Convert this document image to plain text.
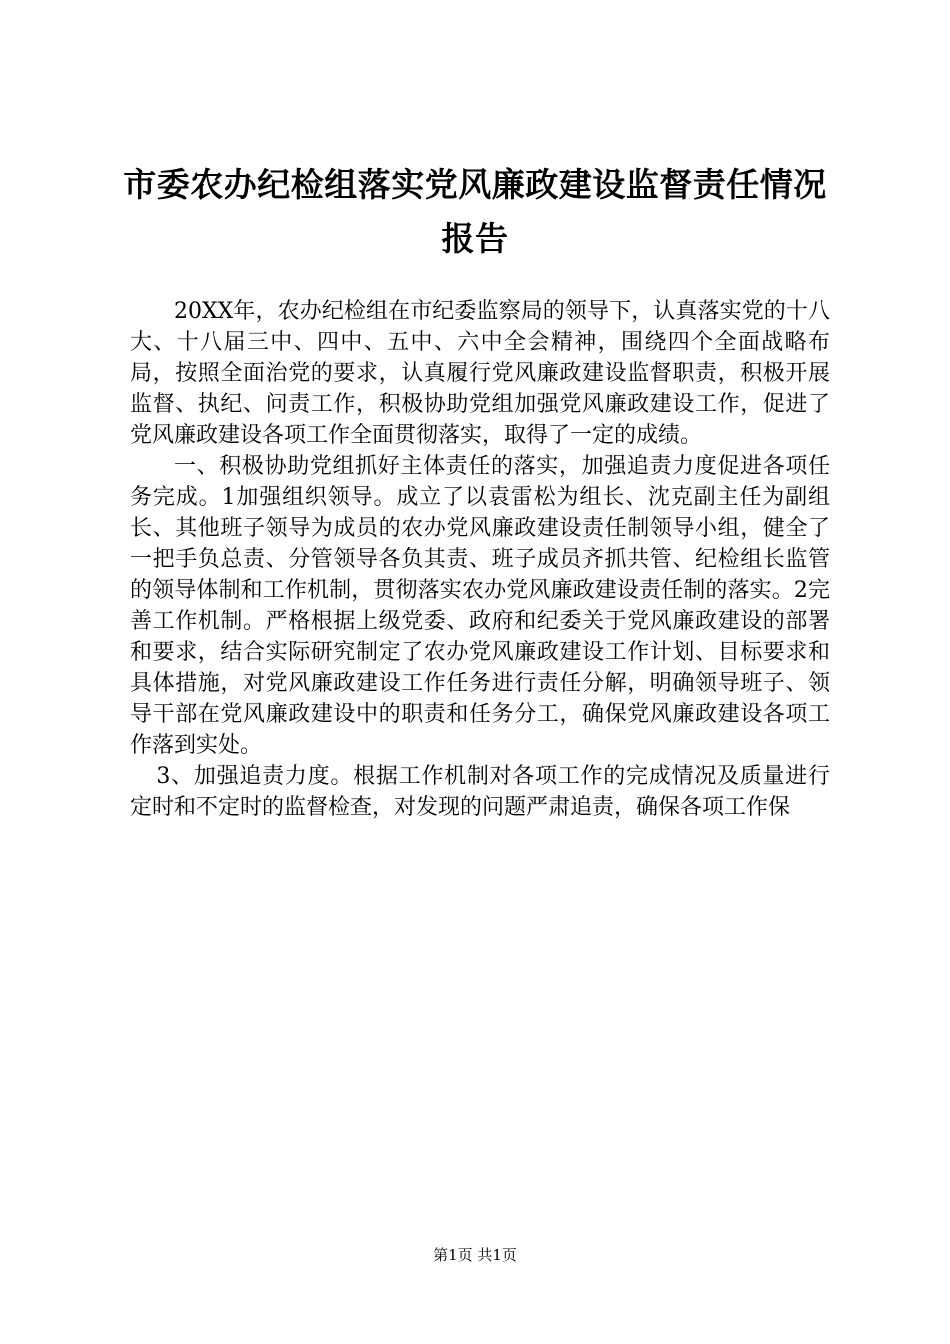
市委农办纪检组落实党风廉政建设监督责任情况报告

20XX年，农办纪检组在市纪委监察局的领导下，认真落实党的十八大、十八届三中、四中、五中、六中全会精神，围绕四个全面战略布局，按照全面治党的要求，认真履行党风廉政建设监督职责，积极开展监督、执纪、问责工作，积极协助党组加强党风廉政建设工作，促进了党风廉政建设各项工作全面贯彻落实，取得了一定的成绩。

一、积极协助党组抓好主体责任的落实，加强追责力度促进各项任务完成。1加强组织领导。成立了以袁雷松为组长、沈克副主任为副组长、其他班子领导为成员的农办党风廉政建设责任制领导小组，健全了一把手负总责、分管领导各负其责、班子成员齐抓共管、纪检组长监管的领导体制和工作机制，贯彻落实农办党风廉政建设责任制的落实。2完善工作机制。严格根据上级党委、政府和纪委关于党风廉政建设的部署和要求，结合实际研究制定了农办党风廉政建设工作计划、目标要求和具体措施，对党风廉政建设工作任务进行责任分解，明确领导班子、领导干部在党风廉政建设中的职责和任务分工，确保党风廉政建设各项工作落到实处。

3、加强追责力度。根据工作机制对各项工作的完成情况及质量进行定时和不定时的监督检查，对发现的问题严肃追责，确保各项工作保

第1页 共1页
